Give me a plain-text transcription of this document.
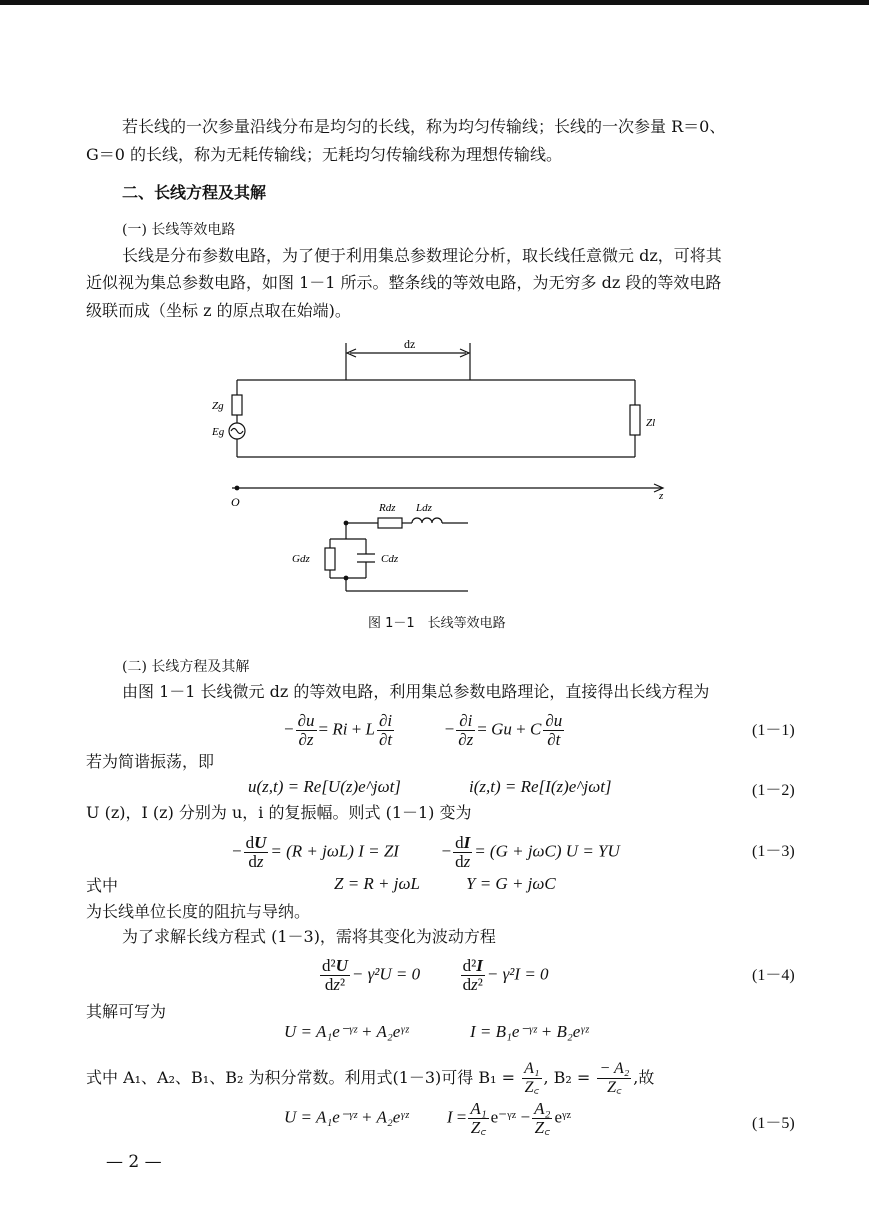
若长线的一次参量沿线分布是均匀的长线，称为均匀传输线；长线的一次参量 R＝0、
G＝0 的长线，称为无耗传输线；无耗均匀传输线称为理想传输线。
二、长线方程及其解
(一) 长线等效电路
长线是分布参数电路，为了便于利用集总参数理论分析，取长线任意微元 dz，可将其
近似视为集总参数电路，如图 1－1 所示。整条线的等效电路，为无穷多 dz 段的等效电路
级联而成（坐标 z 的原点取在始端)。
dz
Zg
Eg
Zl
O	z
Rdz Ldz
Gdz	Cdz
图 1－1　长线等效电路
(二) 长线方程及其解
由图 1－1 长线微元 dz 的等效电路，利用集总参数电路理论，直接得出长线方程为
− $\frac{\partial u}{\partial z} = Ri + L \frac{\partial i}{\partial t}$	− $\frac{\partial i}{\partial z} = Gu + C \frac{\partial u}{\partial t}$	(1－1)
若为简谐振荡，即
u(z,t) = Re[U(z)e^jωt]	i(z,t) = Re[I(z)e^jωt]	(1－2)
U (z)，I (z) 分别为 u，i 的复振幅。则式 (1－1) 变为
− $\frac{dU}{dz} = (R + j\omega L) I$ = ZI  − $\frac{dI}{dz} = (G + j\omega C) U$ = YU	(1－3)
式中	Z = R + jωL	Y = G + jωC
为长线单位长度的阻抗与导纳。
为了求解长线方程式 (1－3)，需将其变化为波动方程
$\frac{\text{d²U}}{\text{dz²}} - \gamma^2U = 0 \frac{\text{d²I}}{\text{dz²}} - \gamma^2I = 0$	(1－4)
其解可写为
U = A₁e⁻ᵞᶻ + A₂eᵞᶻ	I = B₁e⁻ᵞᶻ + B₂eᵞᶻ
式中 A₁、A₂、B₁、B₂ 为积分常数。利用式(1－3)可得 $B_1 = \frac{\text{A₁}}{Z꜀}$ , $B_2 = \frac{\text{− A₂}}{Z꜀}$ ,故
U = A₁e⁻ᵞᶻ + A₂eᵞᶻ $I = \frac{\text{A₁}}{Z꜀}$ e⁻ᵞᶻ − $\frac{\text{A₂}}{Z꜀}$ eᵞᶻ	(1－5)
— 2 —
